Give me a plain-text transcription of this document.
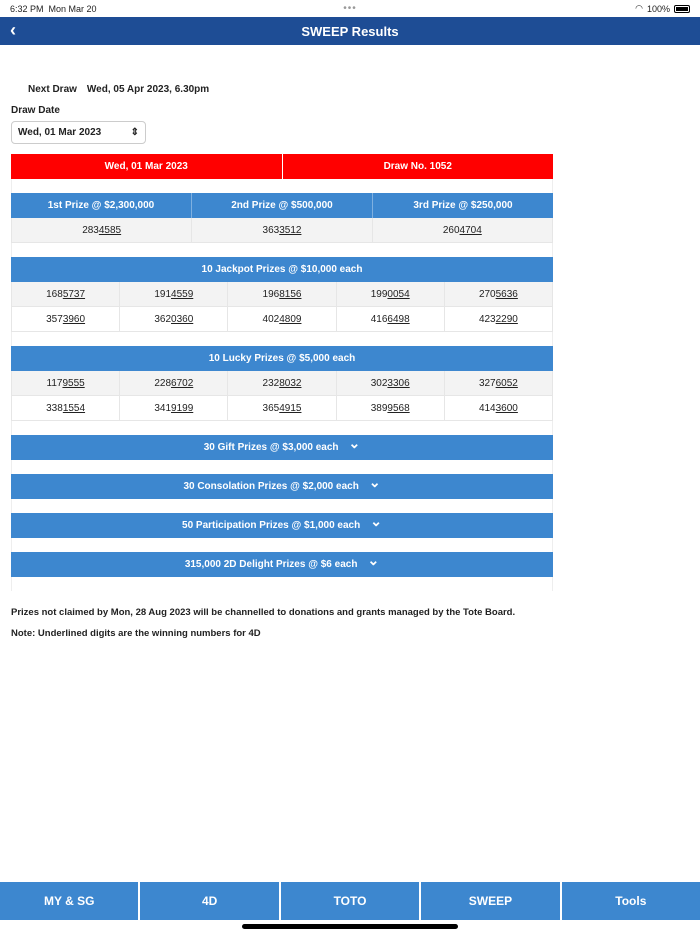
6:32 PM
Mon Mar 20	•••	◠ 100%
‹	SWEEP Results
Next Draw Wed, 05 Apr 2023, 6.30pm
Draw Date
Wed, 01 Mar 2023	⇕
Wed, 01 Mar 2023	Draw No. 1052
1st Prize @ $2,300,000	2nd Prize @ $500,000	3rd Prize @ $250,000
283 4585	363 3512	260 4704
10 Jackpot Prizes @ $10,000 each
168 5737	191 4559	196 8156	199 0054	270 5636
357 3960	362 0360	402 4809	416 6498	423 2290
10 Lucky Prizes @ $5,000 each
117 9555	228 6702	232 8032	302 3306	327 6052
338 1554	341 9199	365 4915	389 9568	414 3600
30 Gift Prizes @ $3,000 each ⌄
30 Consolation Prizes @ $2,000 each ⌄
50 Participation Prizes @ $1,000 each ⌄
315,000 2D Delight Prizes @ $6 each ⌄
Prizes not claimed by Mon, 28 Aug 2023 will be channelled to donations and grants managed by the Tote Board.
Note: Underlined digits are the winning numbers for 4D
MY & SG	4D	TOTO	SWEEP	Tools
